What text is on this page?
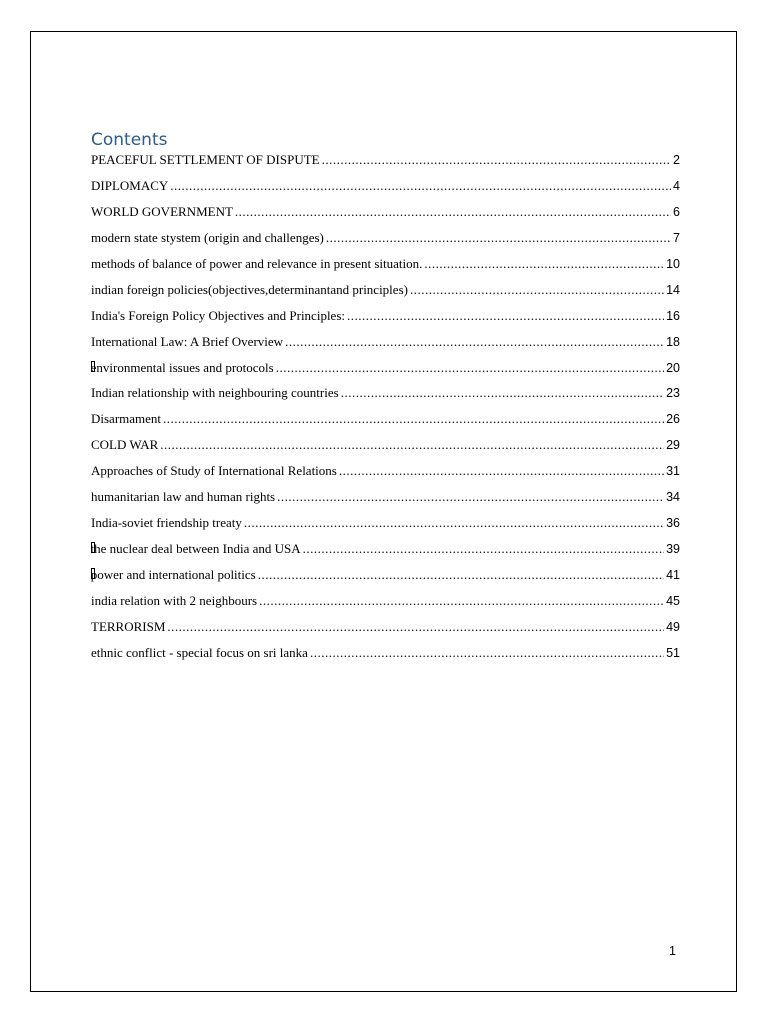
Contents
PEACEFUL SETTLEMENT OF DISPUTE .....	2
DIPLOMACY .....	4
WORLD GOVERNMENT .....	6
modern state stystem (origin and challenges) .....	7
methods of balance of power and relevance in present situation. .....	10
indian foreign policies(objectives,determinantand principles) .....	14
India's Foreign Policy Objectives and Principles: .....	16
International Law: A Brief Overview .....	18
environmental issues and protocols .....	20
Indian relationship with neighbouring countries .....	23
Disarmament .....	26
COLD WAR .....	29
Approaches of Study of International Relations .....	31
humanitarian law and human rights .....	34
India-soviet friendship treaty .....	36
the nuclear deal between India and USA .....	39
power and international politics .....	41
india relation with 2 neighbours .....	45
TERRORISM .....	49
ethnic conflict - special focus on sri lanka .....	51
1
